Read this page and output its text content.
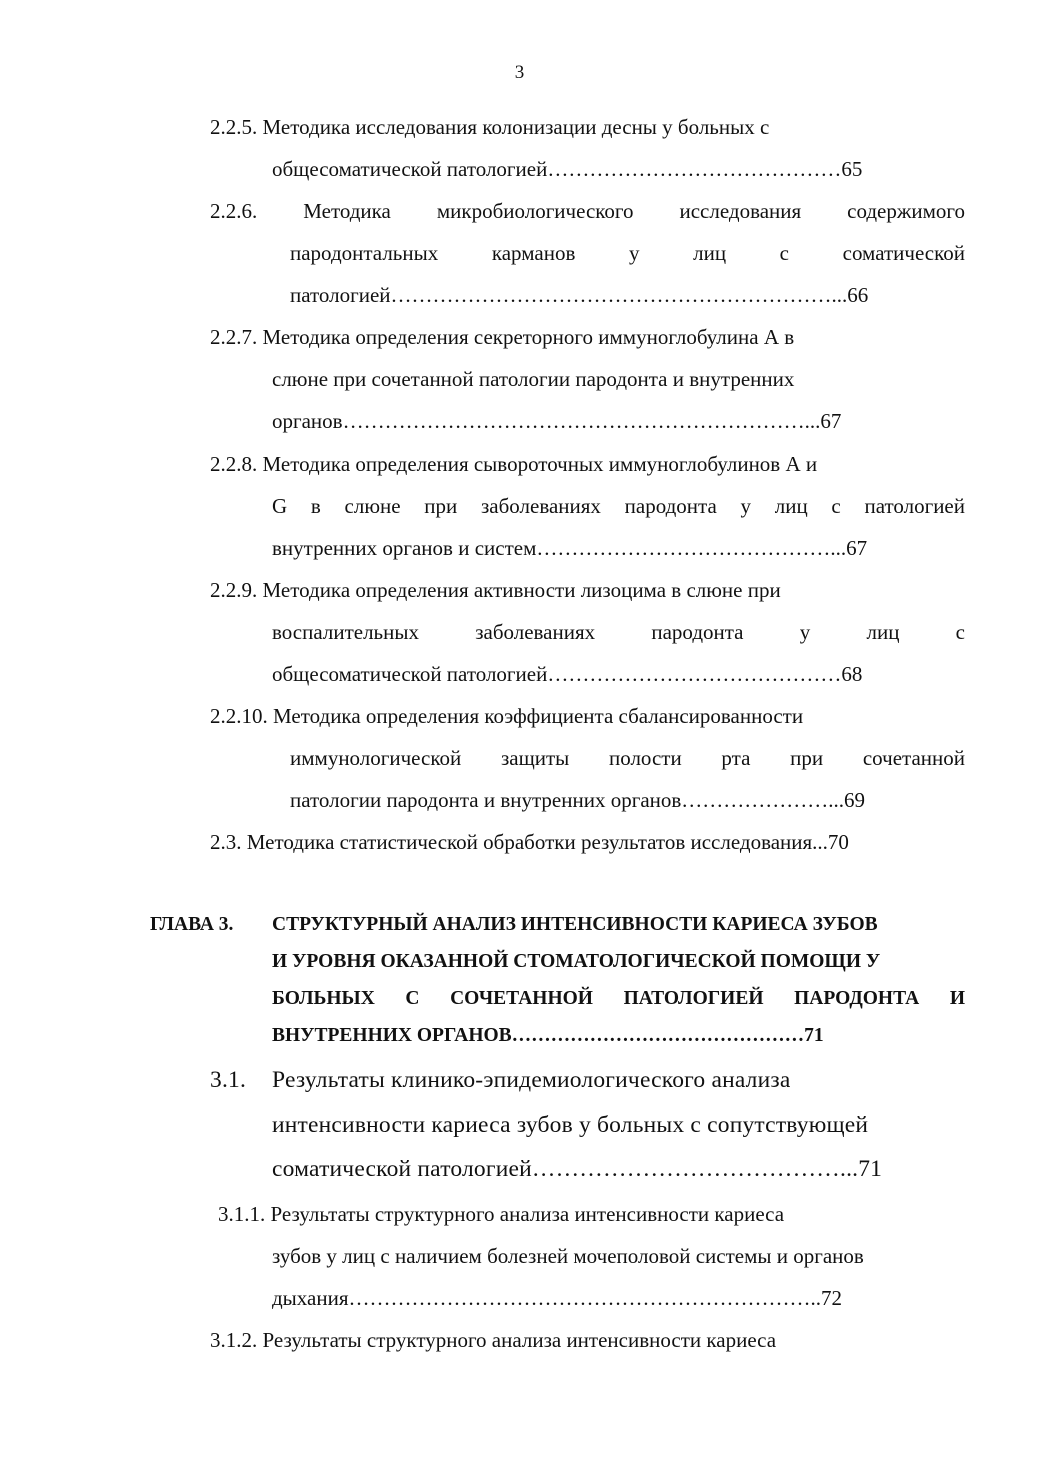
3
2.2.5. Методика исследования колонизации десны у больных с
общесоматической патологией……………………………………65
2.2.6. Методика микробиологического исследования содержимого
пародонтальных карманов у лиц с соматической
патологией………………………………………………………...66
2.2.7. Методика определения секреторного иммуноглобулина А в
слюне при сочетанной патологии пародонта и внутренних
органов…………………………………………………………...67
2.2.8. Методика определения сывороточных иммуноглобулинов А и
G в слюне при заболеваниях пародонта у лиц с патологией
внутренних органов и систем……………………………………...67
2.2.9. Методика определения активности лизоцима в слюне при
воспалительных заболеваниях пародонта у лиц с
общесоматической патологией……………………………………68
2.2.10. Методика определения коэффициента сбалансированности
иммунологической защиты полости рта при сочетанной
патологии пародонта и внутренних органов…………………...69
2.3. Методика статистической обработки результатов исследования...70
ГЛАВА 3. СТРУКТУРНЫЙ АНАЛИЗ ИНТЕНСИВНОСТИ КАРИЕСА ЗУБОВ
И УРОВНЯ ОКАЗАННОЙ СТОМАТОЛОГИЧЕСКОЙ ПОМОЩИ У
БОЛЬНЫХ С СОЧЕТАННОЙ ПАТОЛОГИЕЙ ПАРОДОНТА И
ВНУТРЕННИХ ОРГАНОВ………………………………………71
3.1. Результаты клинико-эпидемиологического анализа
интенсивности кариеса зубов у больных с сопутствующей
соматической патологией…………………………………...71
3.1.1. Результаты структурного анализа интенсивности кариеса
зубов у лиц с наличием болезней мочеполовой системы и органов
дыхания…………………………………………………………..72
3.1.2. Результаты структурного анализа интенсивности кариеса
